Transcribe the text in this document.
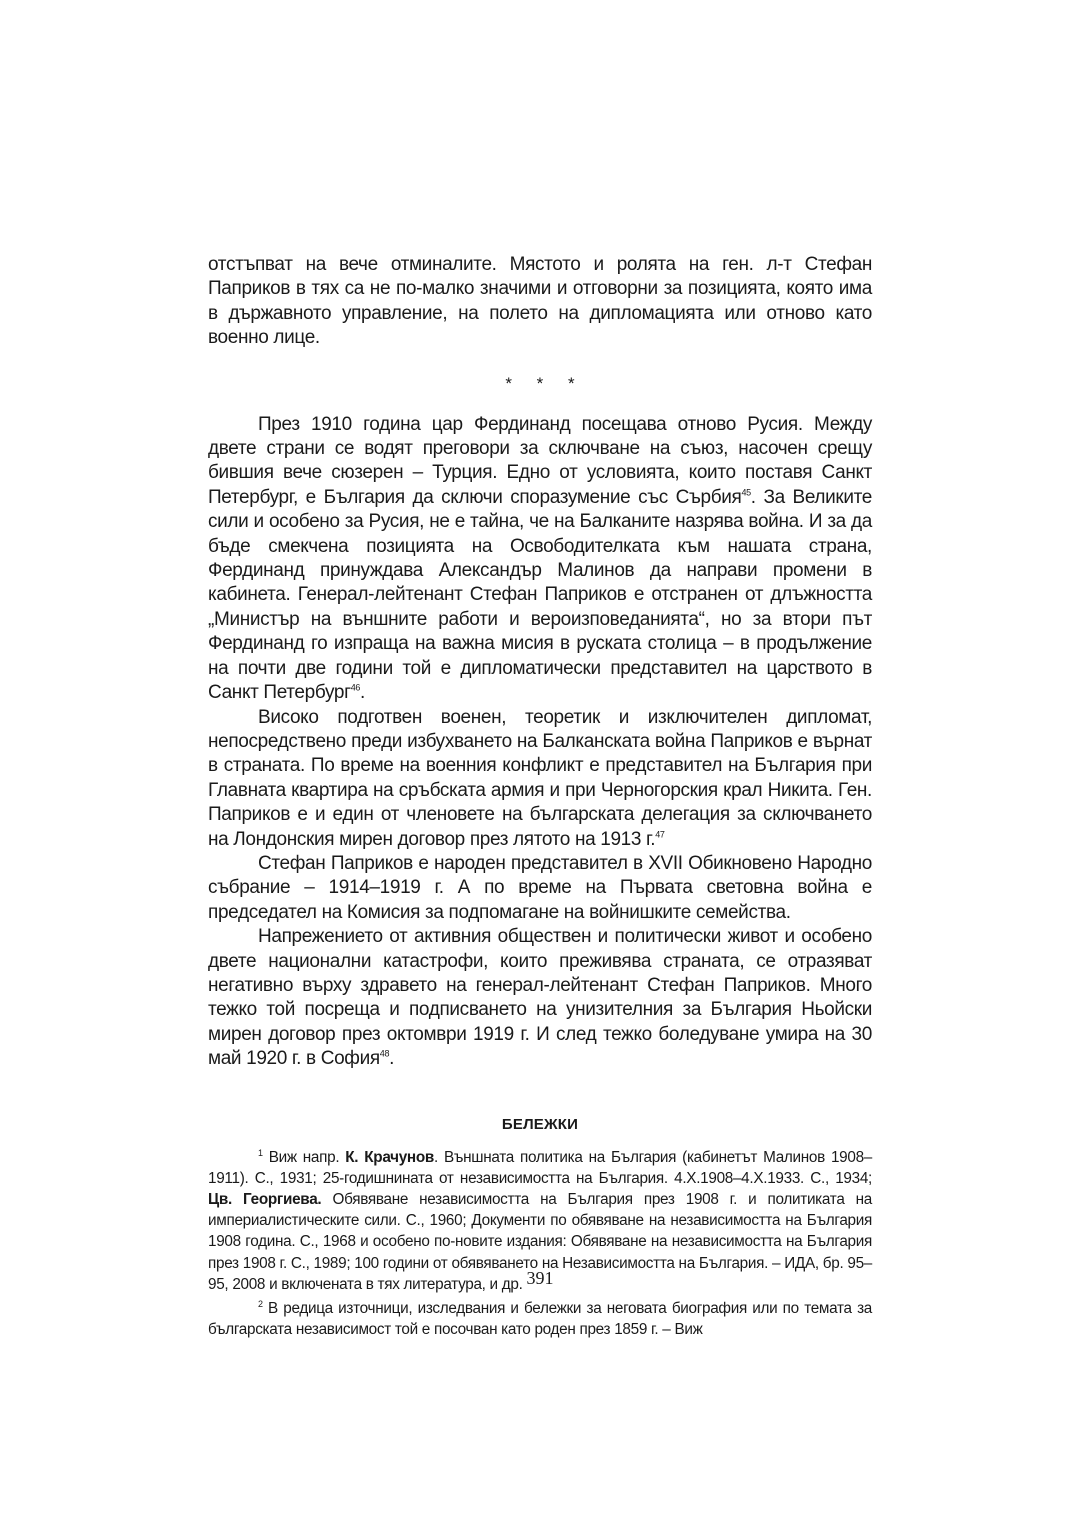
отстъпват на вече отминалите. Мястото и ролята на ген. л-т Стефан Паприков в тях са не по-малко значими и отговорни за позицията, която има в държавното управление, на полето на дипломацията или отново като военно лице.

* * *

През 1910 година цар Фердинанд посещава отново Русия. Между двете страни се водят преговори за сключване на съюз, насочен срещу бившия вече сюзерен – Турция. Едно от условията, които поставя Санкт Петербург, е България да сключи споразумение със Сърбия$^{45}$. За Великите сили и особено за Русия, не е тайна, че на Балканите назрява война. И за да бъде смекчена позицията на Освободителката към нашата страна, Фердинанд принуждава Александър Малинов да направи промени в кабинета. Генерал-лейтенант Стефан Паприков е отстранен от длъжността „Министър на външните работи и вероизповеданията“, но за втори път Фердинанд го изпраща на важна мисия в руската столица – в продължение на почти две години той е дипломатически представител на царството в Санкт Петербург$^{46}$.

Високо подготвен военен, теоретик и изключителен дипломат, непосредствено преди избухването на Балканската война Паприков е върнат в страната. По време на военния конфликт е представител на България при Главната квартира на сръбската армия и при Черногорския крал Никита. Ген. Паприков е и един от членовете на българската делегация за сключването на Лондонския мирен договор през лятото на 1913 г.$^{47}$

Стефан Паприков е народен представител в XVII Обикновено Народно събрание – 1914–1919 г. А по време на Първата световна война е председател на Комисия за подпомагане на войнишките семейства.

Напрежението от активния обществен и политически живот и особено двете национални катастрофи, които преживява страната, се отразяват негативно върху здравето на генерал-лейтенант Стефан Паприков. Много тежко той посреща и подписването на унизителния за България Ньойски мирен договор през октомври 1919 г. И след тежко боледуване умира на 30 май 1920 г. в София$^{48}$.

БЕЛЕЖКИ

$^1$ Виж напр. К. Крачунов. Външната политика на България (кабинетът Малинов 1908–1911). С., 1931; 25-годишнината от независимостта на България. 4.X.1908–4.X.1933. С., 1934; Цв. Георгиева. Обявяване независимостта на България през 1908 г. и политиката на империалистическите сили. С., 1960; Документи по обявяване на независимостта на България 1908 година. С., 1968 и особено по-новите издания: Обявяване на независимостта на България през 1908 г. С., 1989; 100 години от обявяването на Независимостта на България. – ИДА, бр. 95–95, 2008 и включената в тях литература, и др.

$^2$ В редица източници, изследвания и бележки за неговата биография или по темата за българската независимост той е посочван като роден през 1859 г. – Виж

391
